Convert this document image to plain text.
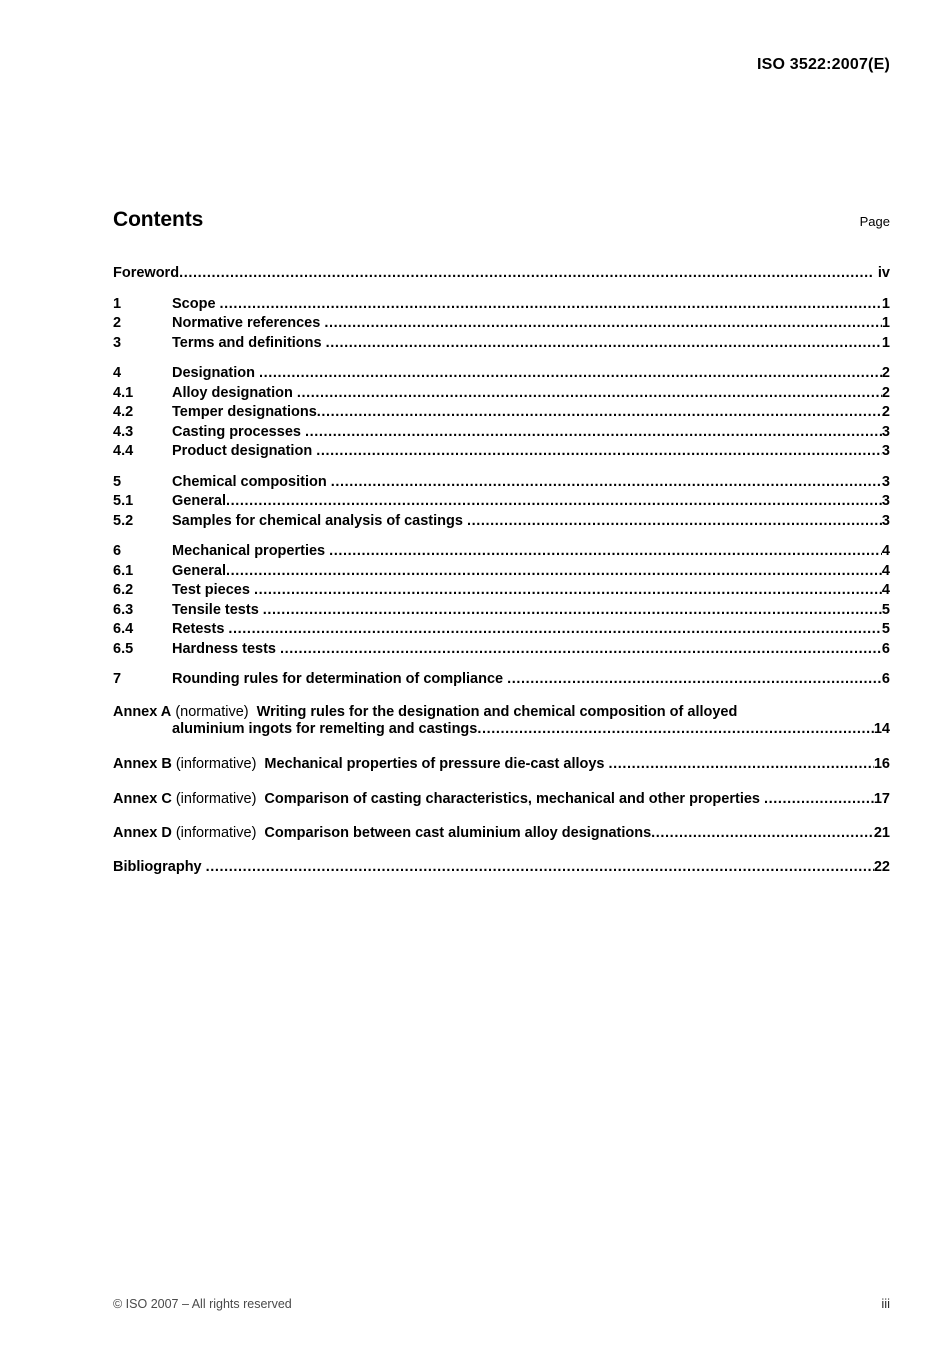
ISO 3522:2007(E)
Contents	Page
Foreword .....	iv
1	Scope .....	1
2	Normative references .....	1
3	Terms and definitions .....	1
4	Designation .....	2
4.1	Alloy designation .....	2
4.2	Temper designations .....	2
4.3	Casting processes .....	3
4.4	Product designation .....	3
5	Chemical composition .....	3
5.1	General .....	3
5.2	Samples for chemical analysis of castings .....	3
6	Mechanical properties .....	4
6.1	General .....	4
6.2	Test pieces .....	4
6.3	Tensile tests .....	5
6.4	Retests .....	5
6.5	Hardness tests .....	6
7	Rounding rules for determination of compliance .....	6
Annex A (normative) Writing rules for the designation and chemical composition of alloyed
aluminium ingots for remelting and castings .....	14
Annex B (informative) Mechanical properties of pressure die-cast alloys .....	16
Annex C (informative) Comparison of casting characteristics, mechanical and other properties .....	17
Annex D (informative) Comparison between cast aluminium alloy designations .....	21
Bibliography .....	22
© ISO 2007 – All rights reserved	iii
